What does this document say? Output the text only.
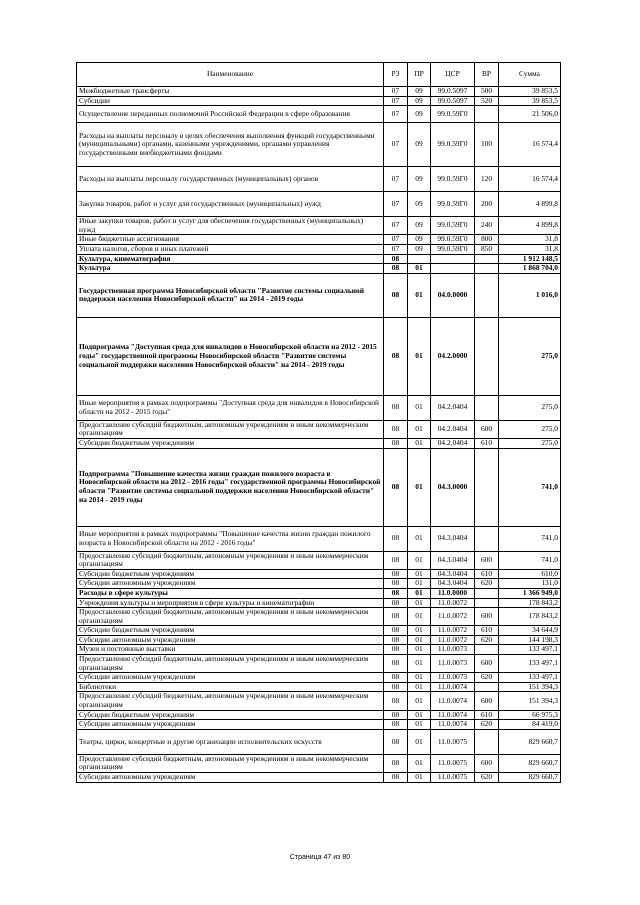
Наименование	РЗ	ПР	ЦСР	ВР	Сумма
Межбюджетные трансферты	07	09	99.0.5097	500	39 853,5
Субсидии	07	09	99.0.5097	520	39 853,5
Осуществление переданных полномочий Российской Федерации в сфере образования	07	09	99.0.59Г0		21 506,0
Расходы на выплаты персоналу в целях обеспечения выполнения функций государственными (муниципальными) органами, казенными учреждениями, органами управления государственными внебюджетными фондами	07	09	99.0.59Г0	100	16 574,4
Расходы на выплаты персоналу государственных (муниципальных) органов	07	09	99.0.59Г0	120	16 574,4
Закупка товаров, работ и услуг для государственных (муниципальных) нужд	07	09	99.0.59Г0	200	4 899,8
Иные закупки товаров, работ и услуг для обеспечения государственных (муниципальных) нужд	07	09	99.0.59Г0	240	4 899,8
Иные бюджетные ассигнования	07	09	99.0.59Г0	800	31,8
Уплата налогов, сборов и иных платежей	07	09	99.0.59Г0	850	31,8
Культура, кинематография	08				1 912 148,5
Культура	08	01			1 868 704,0
Государственная программа Новосибирской области "Развитие системы социальной поддержки населения Новосибирской области" на 2014 - 2019 годы	08	01	04.0.0000		1 016,0
Подпрограмма "Доступная среда для инвалидов в Новосибирской области на 2012 - 2015 годы" государственной программы Новосибирской области "Развитие системы социальной поддержки населения Новосибирской области" на 2014 - 2019 годы	08	01	04.2.0000		275,0
Иные мероприятия в рамках подпрограммы "Доступная среда для инвалидов в Новосибирской области на 2012 - 2015 годы"	08	01	04.2.0404		275,0
Предоставление субсидий бюджетным, автономным учреждениям и иным некоммерческим организациям	08	01	04.2.0404	600	275,0
Субсидии бюджетным учреждениям	08	01	04.2.0404	610	275,0
Подпрограмма "Повышение качества жизни граждан пожилого возраста в Новосибирской области на 2012 - 2016 годы" государственной программы Новосибирской области "Развитие системы социальной поддержки населения Новосибирской области" на 2014 - 2019 годы	08	01	04.3.0000		741,0
Иные мероприятия в рамках подпрограммы "Повышение качества жизни граждан пожилого возраста в Новосибирской области на 2012 - 2016 годы"	08	01	04.3.0404		741,0
Предоставление субсидий бюджетным, автономным учреждениям и иным некоммерческим организациям	08	01	04.3.0404	600	741,0
Субсидии бюджетным учреждениям	08	01	04.3.0404	610	610,0
Субсидии автономным учреждениям	08	01	04.3.0404	620	131,0
Расходы в сфере культуры	08	01	11.0.0000		1 366 949,0
Учреждения культуры и мероприятия в сфере культуры и кинематографии	08	01	11.0.0072		178 843,2
Предоставление субсидий бюджетным, автономным учреждениям и иным некоммерческим организациям	08	01	11.0.0072	600	178 843,2
Субсидии бюджетным учреждениям	08	01	11.0.0072	610	34 644,9
Субсидии автономным учреждениям	08	01	11.0.0072	620	144 198,3
Музеи и постоянные выставки	08	01	11.0.0073		133 497,1
Предоставление субсидий бюджетным, автономным учреждениям и иным некоммерческим организациям	08	01	11.0.0073	600	133 497,1
Субсидии автономным учреждениям	08	01	11.0.0073	620	133 497,1
Библиотеки	08	01	11.0.0074		151 394,3
Предоставление субсидий бюджетным, автономным учреждениям и иным некоммерческим организациям	08	01	11.0.0074	600	151 394,3
Субсидии бюджетным учреждениям	08	01	11.0.0074	610	66 975,3
Субсидии автономным учреждениям	08	01	11.0.0074	620	84 419,0
Театры, цирки, концертные и другие организации исполнительских искусств	08	01	11.0.0075		829 660,7
Предоставление субсидий бюджетным, автономным учреждениям и иным некоммерческим организациям	08	01	11.0.0075	600	829 660,7
Субсидии автономным учреждениям	08	01	11.0.0075	620	829 660,7
Страница 47 из 80
